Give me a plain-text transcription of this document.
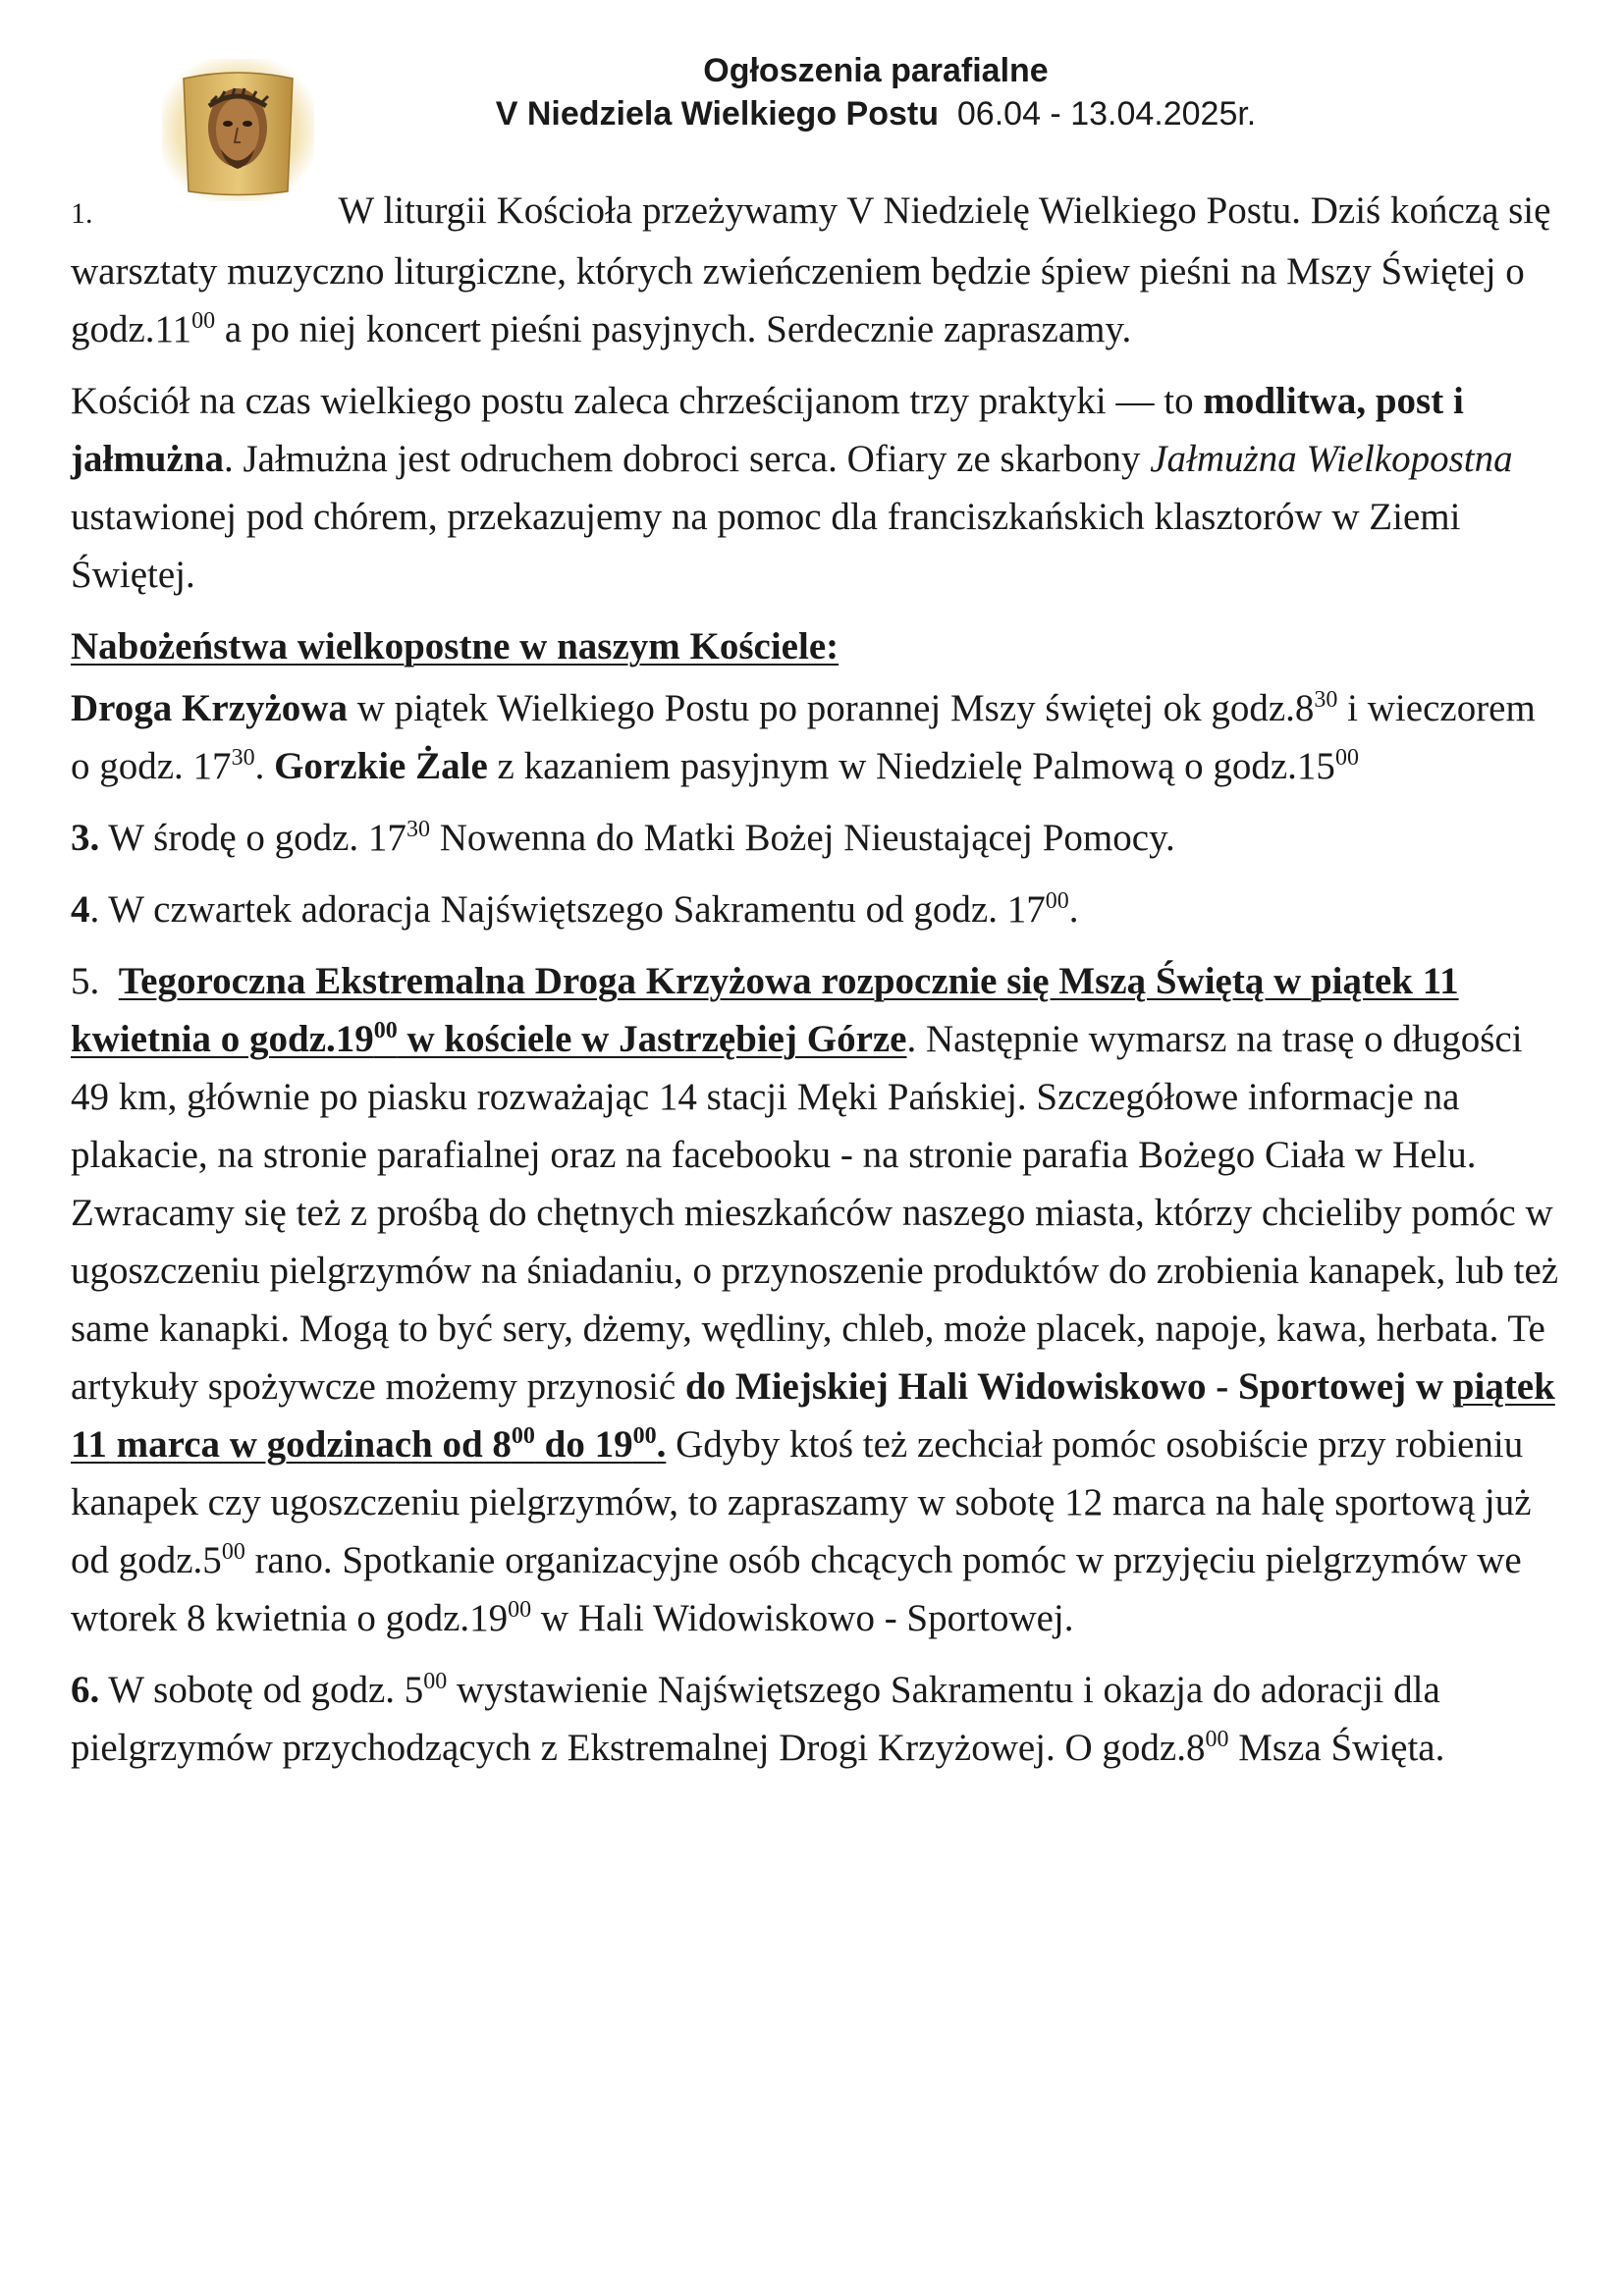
Ogłoszenia parafialne
V Niedziela Wielkiego Postu 06.04 - 13.04.2025r.

1.	W liturgii Kościoła przeżywamy V Niedzielę Wielkiego Postu. Dziś kończą się warsztaty muzyczno liturgiczne, których zwieńczeniem będzie śpiew pieśni na Mszy Świętej o $godz.11^{00}$ a po niej koncert pieśni pasyjnych. Serdecznie zapraszamy.

Kościół na czas wielkiego postu zaleca chrześcijanom trzy praktyki — to modlitwa, post i jałmużna. Jałmużna jest odruchem dobroci serca. Ofiary ze skarbony Jałmużna Wielkopostna ustawionej pod chórem, przekazujemy na pomoc dla franciszkańskich klasztorów w Ziemi Świętej.

Nabożeństwa wielkopostne w naszym Kościele:

Droga Krzyżowa w piątek Wielkiego Postu po porannej Mszy świętej ok $godz.8^{30}$ i wieczorem o godz. $17^{30}$. Gorzkie Żale z kazaniem pasyjnym w Niedzielę Palmową o $godz.15^{00}$

3. W środę o godz. $17^{30}$ Nowenna do Matki Bożej Nieustającej Pomocy.

4. W czwartek adoracja Najświętszego Sakramentu od godz. $17^{00}$.

5. Tegoroczna Ekstremalna Droga Krzyżowa rozpocznie się Mszą Świętą w piątek 11 kwietnia o $godz.19^{00}$ w kościele w Jastrzębiej Górze. Następnie wymarsz na trasę o długości 49 km, głównie po piasku rozważając 14 stacji Męki Pańskiej. Szczegółowe informacje na plakacie, na stronie parafialnej oraz na facebooku - na stronie parafia Bożego Ciała w Helu.
Zwracamy się też z prośbą do chętnych mieszkańców naszego miasta, którzy chcieliby pomóc w ugoszczeniu pielgrzymów na śniadaniu, o przynoszenie produktów do zrobienia kanapek, lub też same kanapki. Mogą to być sery, dżemy, wędliny, chleb, może placek, napoje, kawa, herbata. Te artykuły spożywcze możemy przynosić do Miejskiej Hali Widowiskowo - Sportowej w piątek 11 marca w godzinach od $8^{00}$ do $19^{00}$. Gdyby ktoś też zechciał pomóc osobiście przy robieniu kanapek czy ugoszczeniu pielgrzymów, to zapraszamy w sobotę 12 marca na halę sportową już od $godz.5^{00}$ rano. Spotkanie organizacyjne osób chcących pomóc w przyjęciu pielgrzymów we wtorek 8 kwietnia o $godz.19^{00}$ w Hali Widowiskowo - Sportowej.

6. W sobotę od godz. $5^{00}$ wystawienie Najświętszego Sakramentu i okazja do adoracji dla pielgrzymów przychodzących z Ekstremalnej Drogi Krzyżowej. O $godz.8^{00}$ Msza Święta.
